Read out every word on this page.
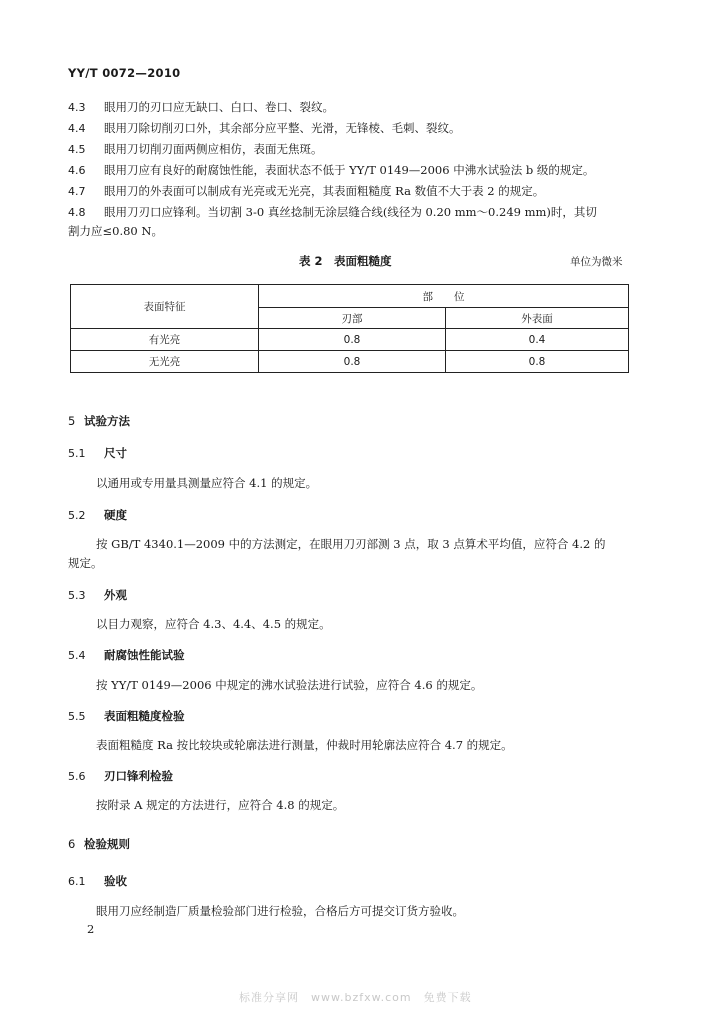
YY/T 0072—2010
4.3 眼用刀的刃口应无缺口、白口、卷口、裂纹。
4.4 眼用刀除切削刃口外，其余部分应平整、光滑，无锋棱、毛刺、裂纹。
4.5 眼用刀切削刃面两侧应相仿，表面无焦斑。
4.6 眼用刀应有良好的耐腐蚀性能，表面状态不低于 YY/T 0149—2006 中沸水试验法 b 级的规定。
4.7 眼用刀的外表面可以制成有光亮或无光亮，其表面粗糙度 Ra 数值不大于表 2 的规定。
4.8 眼用刀刃口应锋利。当切割 3-0 真丝捻制无涂层缝合线(线径为 0.20 mm～0.249 mm)时，其切
割力应≤0.80 N。
表 2　表面粗糙度	单位为微米
表面特征	部　　位	
	刃部	外表面
有光亮	0.8	0.4
无光亮	0.8	0.8
5 试验方法
5.1 尺寸
以通用或专用量具测量应符合 4.1 的规定。
5.2 硬度
按 GB/T 4340.1—2009 中的方法测定，在眼用刀刃部测 3 点，取 3 点算术平均值，应符合 4.2 的
规定。
5.3 外观
以目力观察，应符合 4.3、4.4、4.5 的规定。
5.4 耐腐蚀性能试验
按 YY/T 0149—2006 中规定的沸水试验法进行试验，应符合 4.6 的规定。
5.5 表面粗糙度检验
表面粗糙度 Ra 按比较块或轮廓法进行测量，仲裁时用轮廓法应符合 4.7 的规定。
5.6 刃口锋利检验
按附录 A 规定的方法进行，应符合 4.8 的规定。
6 检验规则
6.1 验收
眼用刀应经制造厂质量检验部门进行检验，合格后方可提交订货方验收。
2
标准分享网　www.bzfxw.com　免费下载
